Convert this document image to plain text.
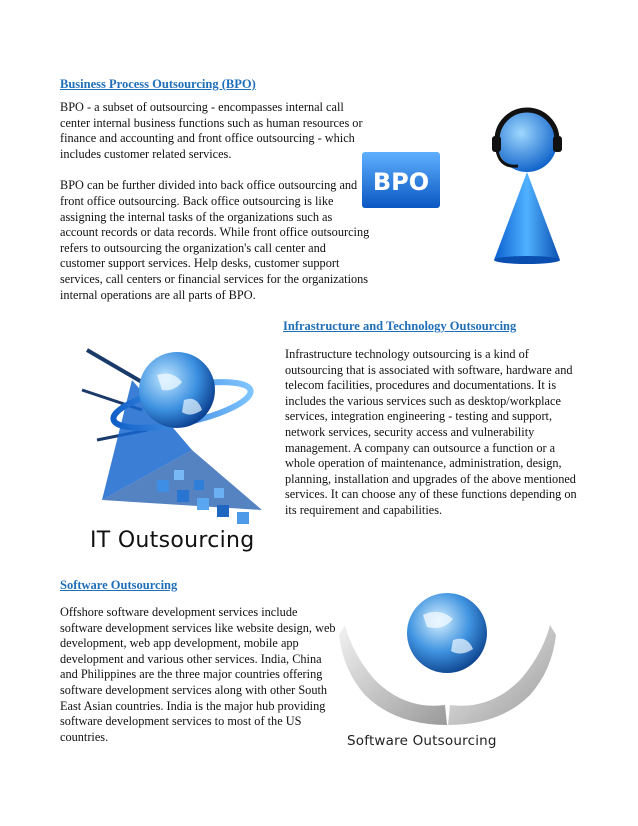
Business Process Outsourcing (BPO)

BPO - a subset of outsourcing - encompasses internal call center internal business functions such as human resources or finance and accounting and front office outsourcing - which includes customer related services.

BPO can be further divided into back office outsourcing and front office outsourcing. Back office outsourcing is like assigning the internal tasks of the organizations such as account records or data records. While front office outsourcing refers to outsourcing the organization's call center and customer support services. Help desks, customer support services, call centers or financial services for the organizations internal operations are all parts of BPO.

BPO
IT Outsourcing
Infrastructure and Technology Outsourcing

Infrastructure technology outsourcing is a kind of outsourcing that is associated with software, hardware and telecom facilities, procedures and documentations. It is includes the various services such as desktop/workplace services, integration engineering - testing and support, network services, security access and vulnerability management. A company can outsource a function or a whole operation of maintenance, administration, design, planning, installation and upgrades of the above mentioned services. It can choose any of these functions depending on its requirement and capabilities.

Software Outsourcing

Offshore software development services include software development services like website design, web development, web app development, mobile app development and various other services. India, China and Philippines are the three major countries offering software development services along with other South East Asian countries. India is the major hub providing software development services to most of the US countries.	Software Outsourcing
